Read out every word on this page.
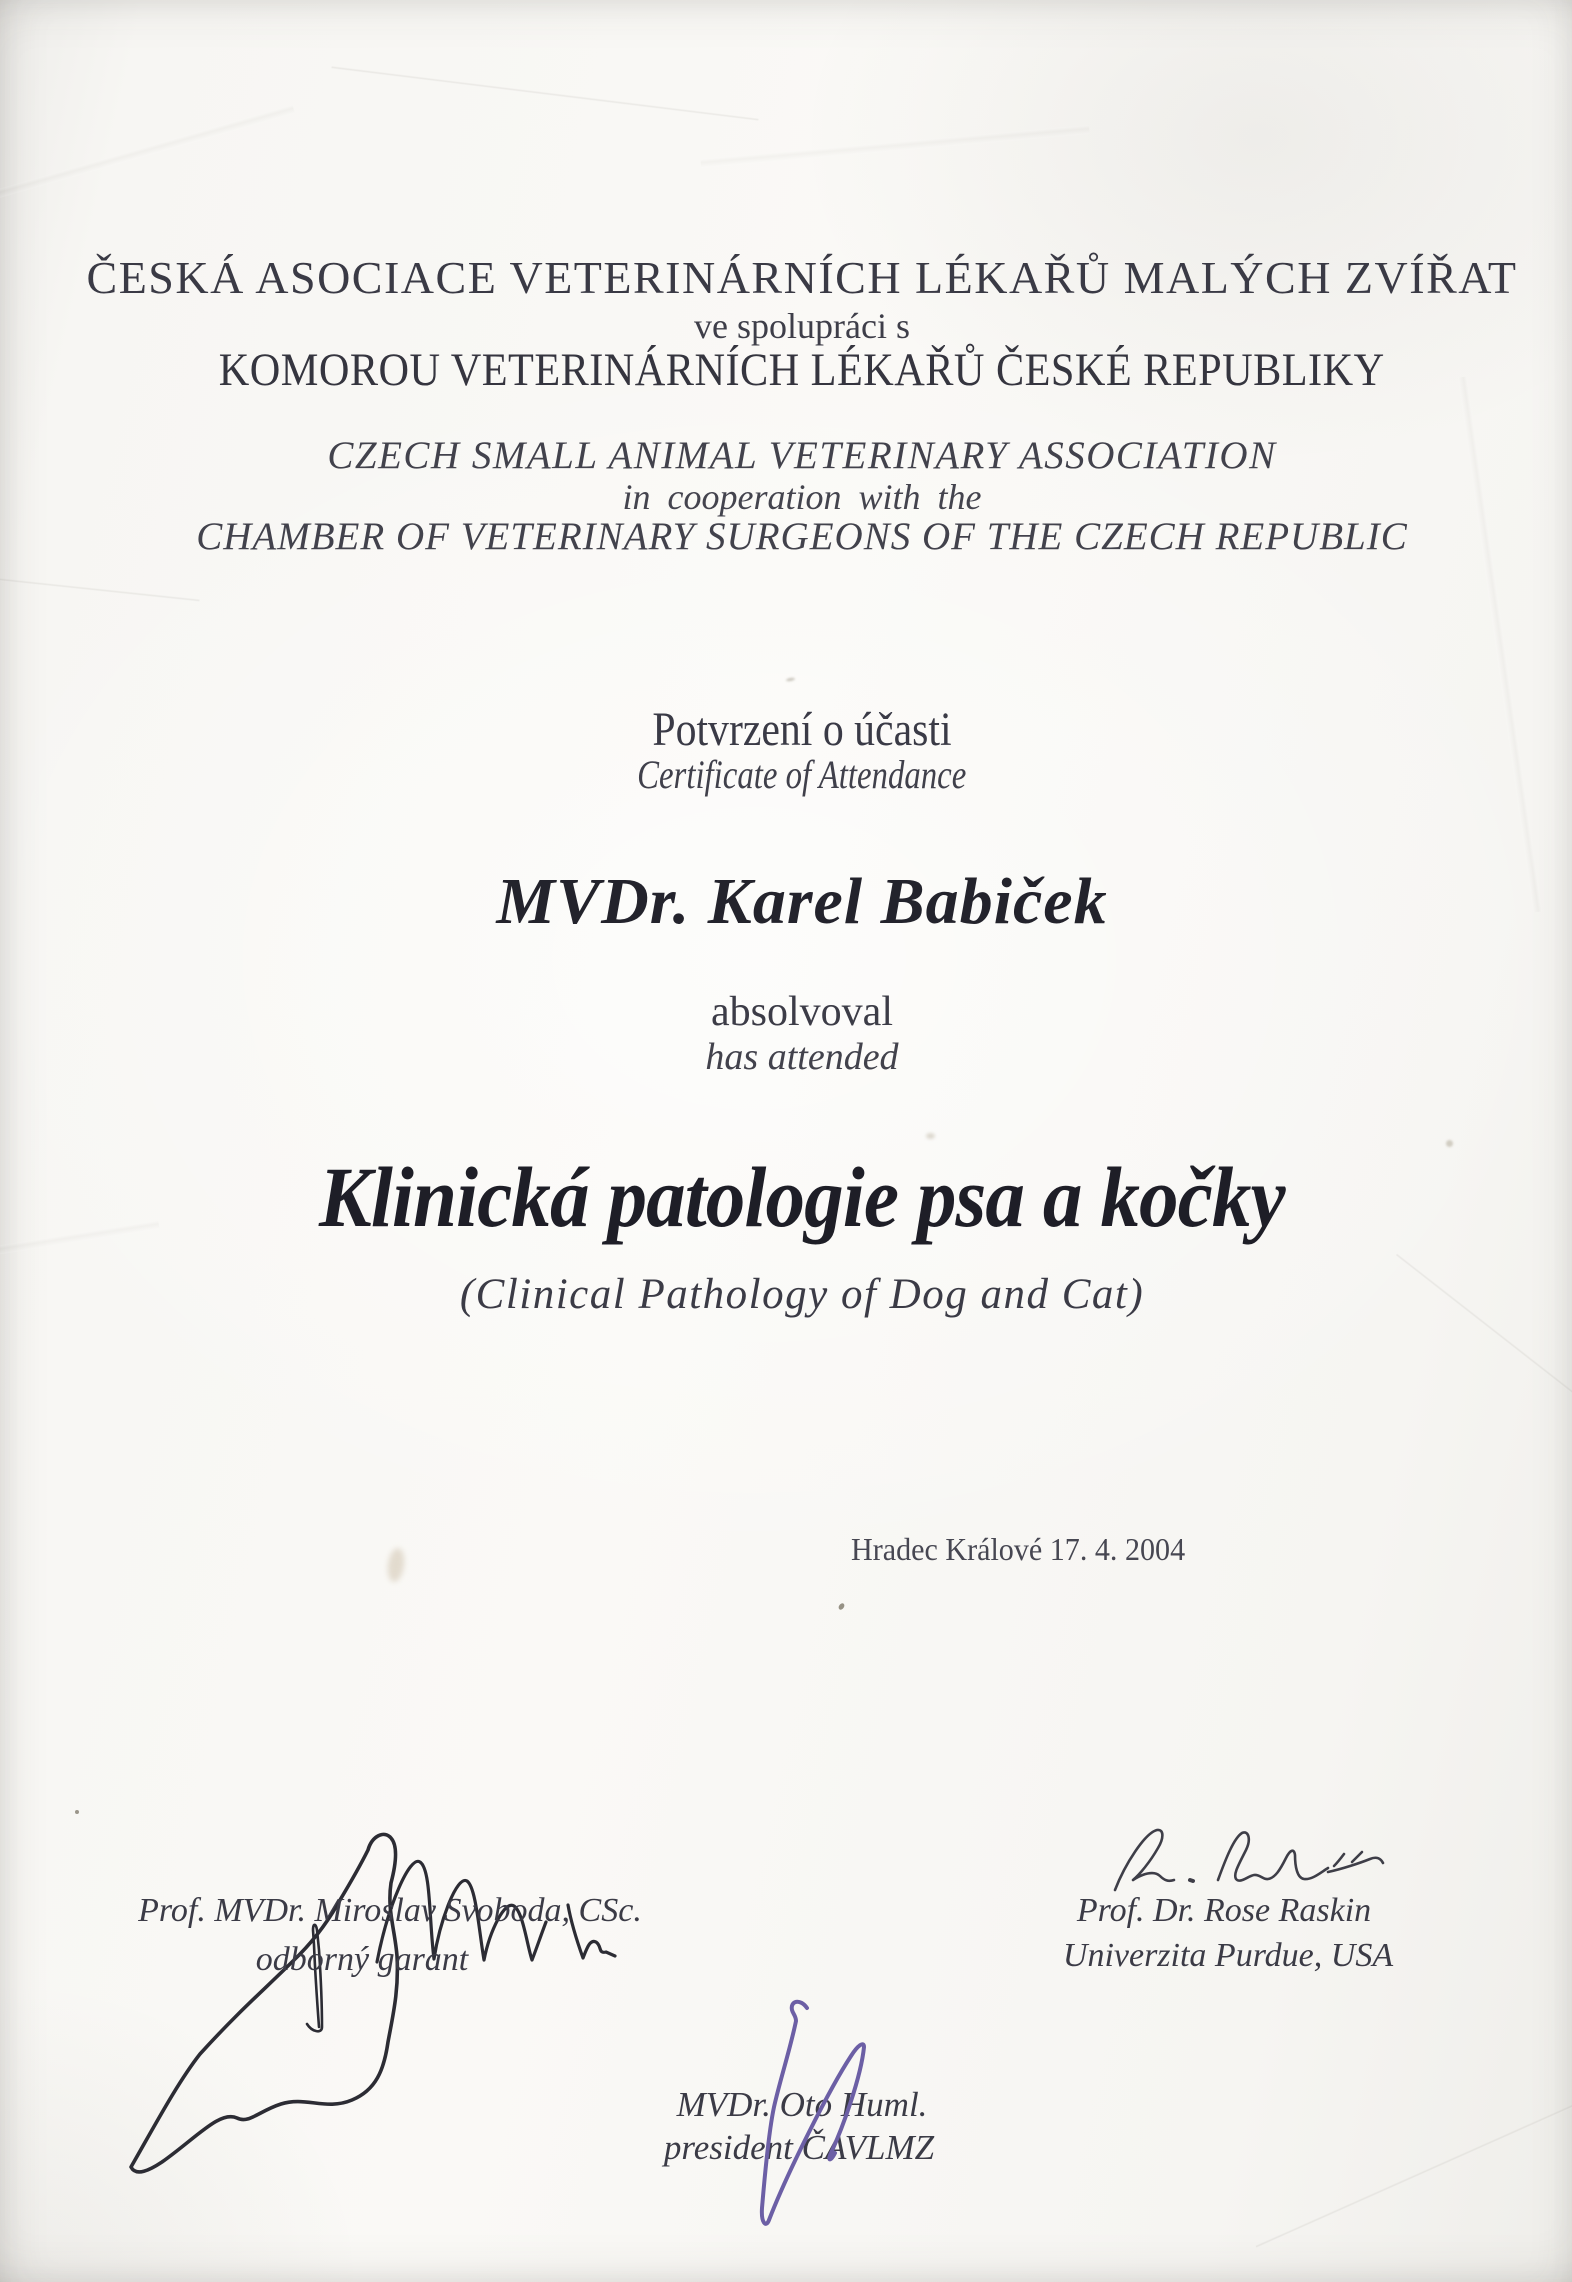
ČESKÁ ASOCIACE VETERINÁRNÍCH LÉKAŘŮ MALÝCH ZVÍŘAT
ve spolupráci s
KOMOROU VETERINÁRNÍCH LÉKAŘŮ ČESKÉ REPUBLIKY
CZECH SMALL ANIMAL VETERINARY ASSOCIATION
in cooperation with the
CHAMBER OF VETERINARY SURGEONS OF THE CZECH REPUBLIC
Potvrzení o účasti
Certificate of Attendance
MVDr. Karel Babiček
absolvoval
has attended
Klinická patologie psa a kočky
(Clinical Pathology of Dog and Cat)
Hradec Králové 17. 4. 2004
Prof. MVDr. Miroslav Svoboda, CSc.
odborný garant
Prof. Dr. Rose Raskin
Univerzita Purdue, USA
MVDr. Oto Huml.
president ČAVLMZ
